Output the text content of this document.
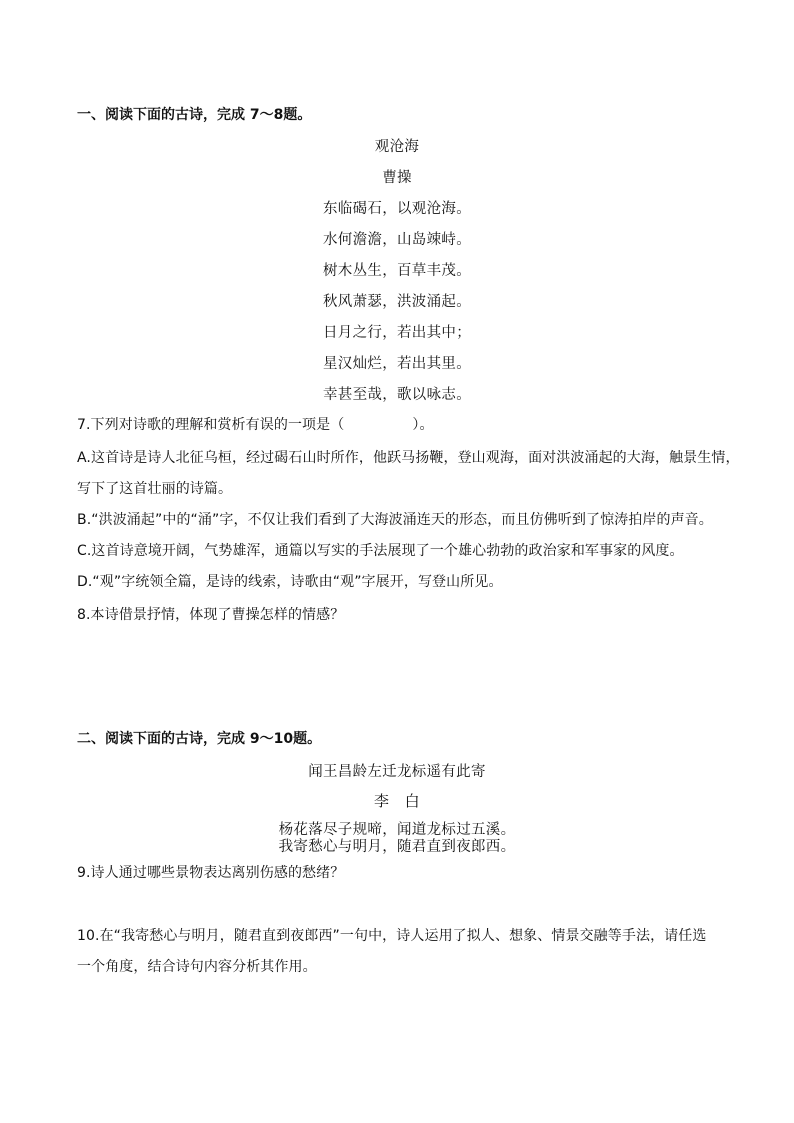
一、阅读下面的古诗，完成 7～8题。
观沧海
曹操
东临碣石，以观沧海。
水何澹澹，山岛竦峙。
树木丛生，百草丰茂。
秋风萧瑟，洪波涌起。
日月之行，若出其中；
星汉灿烂，若出其里。
幸甚至哉，歌以咏志。
7.下列对诗歌的理解和赏析有误的一项是（	）。
A.这首诗是诗人北征乌桓，经过碣石山时所作，他跃马扬鞭，登山观海，面对洪波涌起的大海，触景生情，
写下了这首壮丽的诗篇。
B.“洪波涌起”中的“涌”字，不仅让我们看到了大海波涌连天的形态，而且仿佛听到了惊涛拍岸的声音。
C.这首诗意境开阔，气势雄浑，通篇以写实的手法展现了一个雄心勃勃的政治家和军事家的风度。
D.“观”字统领全篇，是诗的线索，诗歌由“观”字展开，写登山所见。
8.本诗借景抒情，体现了曹操怎样的情感？
二、阅读下面的古诗，完成 9～10题。
闻王昌龄左迁龙标遥有此寄
李　白
杨花落尽子规啼，闻道龙标过五溪。
我寄愁心与明月，随君直到夜郎西。
9.诗人通过哪些景物表达离别伤感的愁绪？
10.在“我寄愁心与明月，随君直到夜郎西”一句中，诗人运用了拟人、想象、情景交融等手法，请任选
一个角度，结合诗句内容分析其作用。
